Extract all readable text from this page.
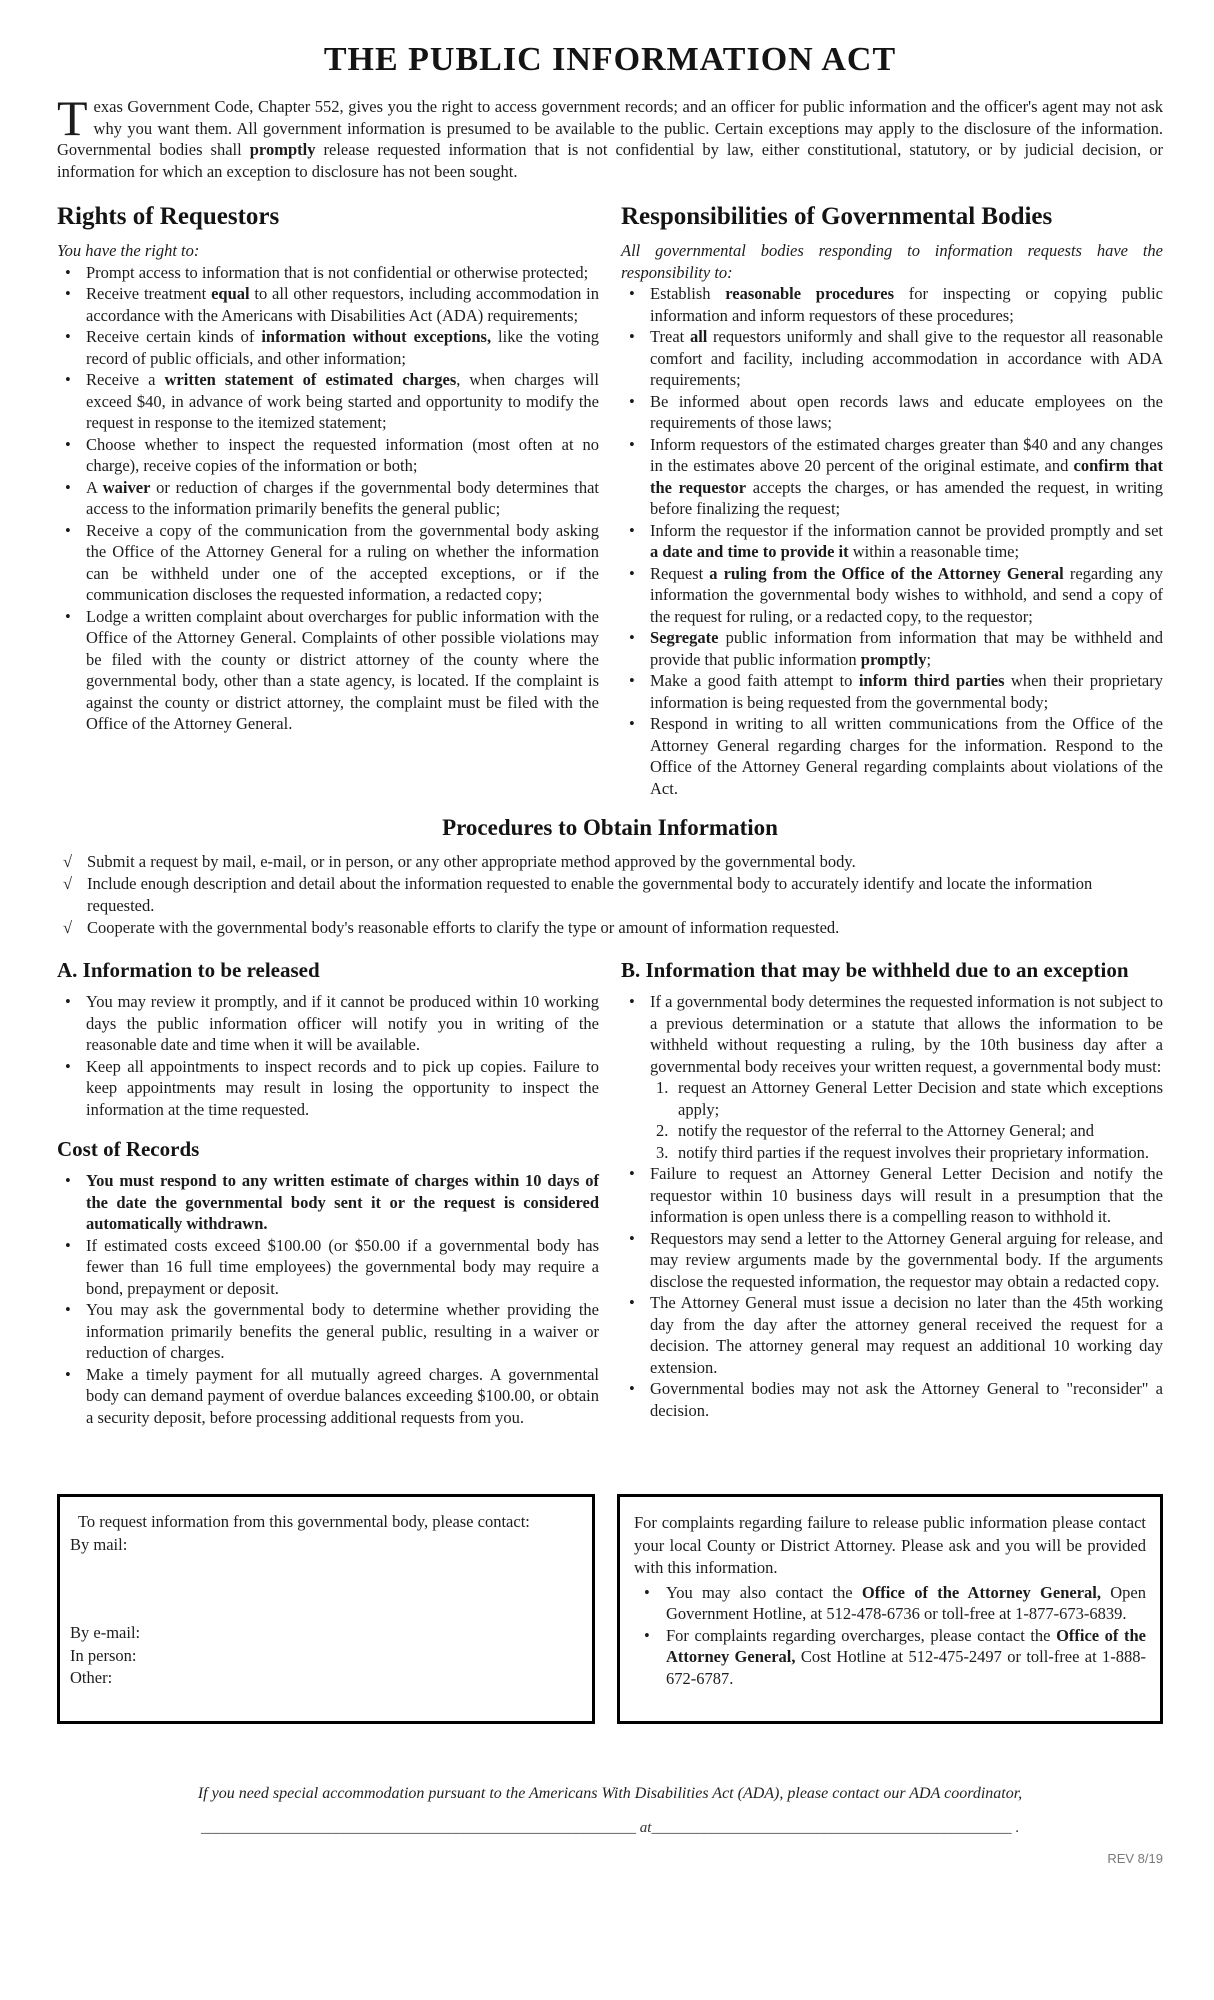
THE PUBLIC INFORMATION ACT

Texas Government Code, Chapter 552, gives you the right to access government records; and an officer for public information and the officer's agent may not ask why you want them. All government information is presumed to be available to the public. Certain exceptions may apply to the disclosure of the information. Governmental bodies shall promptly release requested information that is not confidential by law, either constitutional, statutory, or by judicial decision, or information for which an exception to disclosure has not been sought.

Rights of Requestors

You have the right to:

• Prompt access to information that is not confidential or otherwise protected;
• Receive treatment equal to all other requestors, including accommodation in accordance with the Americans with Disabilities Act (ADA) requirements;
• Receive certain kinds of information without exceptions, like the voting record of public officials, and other information;
• Receive a written statement of estimated charges, when charges will exceed $40, in advance of work being started and opportunity to modify the request in response to the itemized statement;
• Choose whether to inspect the requested information (most often at no charge), receive copies of the information or both;
• A waiver or reduction of charges if the governmental body determines that access to the information primarily benefits the general public;
• Receive a copy of the communication from the governmental body asking the Office of the Attorney General for a ruling on whether the information can be withheld under one of the accepted exceptions, or if the communication discloses the requested information, a redacted copy;
• Lodge a written complaint about overcharges for public information with the Office of the Attorney General. Complaints of other possible violations may be filed with the county or district attorney of the county where the governmental body, other than a state agency, is located. If the complaint is against the county or district attorney, the complaint must be filed with the Office of the Attorney General.
Responsibilities of Governmental Bodies

All governmental bodies responding to information requests have the responsibility to:

• Establish reasonable procedures for inspecting or copying public information and inform requestors of these procedures;
• Treat all requestors uniformly and shall give to the requestor all reasonable comfort and facility, including accommodation in accordance with ADA requirements;
• Be informed about open records laws and educate employees on the requirements of those laws;
• Inform requestors of the estimated charges greater than $40 and any changes in the estimates above 20 percent of the original estimate, and confirm that the requestor accepts the charges, or has amended the request, in writing before finalizing the request;
• Inform the requestor if the information cannot be provided promptly and set a date and time to provide it within a reasonable time;
• Request a ruling from the Office of the Attorney General regarding any information the governmental body wishes to withhold, and send a copy of the request for ruling, or a redacted copy, to the requestor;
• Segregate public information from information that may be withheld and provide that public information promptly;
• Make a good faith attempt to inform third parties when their proprietary information is being requested from the governmental body;
• Respond in writing to all written communications from the Office of the Attorney General regarding charges for the information. Respond to the Office of the Attorney General regarding complaints about violations of the Act.
Procedures to Obtain Information
√ Submit a request by mail, e-mail, or in person, or any other appropriate method approved by the governmental body.
√ Include enough description and detail about the information requested to enable the governmental body to accurately identify and locate the information requested.
√ Cooperate with the governmental body's reasonable efforts to clarify the type or amount of information requested.
A. Information to be released
• You may review it promptly, and if it cannot be produced within 10 working days the public information officer will notify you in writing of the reasonable date and time when it will be available.
• Keep all appointments to inspect records and to pick up copies. Failure to keep appointments may result in losing the opportunity to inspect the information at the time requested.
Cost of Records
• You must respond to any written estimate of charges within 10 days of the date the governmental body sent it or the request is considered automatically withdrawn.
• If estimated costs exceed $100.00 (or $50.00 if a governmental body has fewer than 16 full time employees) the governmental body may require a bond, prepayment or deposit.
• You may ask the governmental body to determine whether providing the information primarily benefits the general public, resulting in a waiver or reduction of charges.
• Make a timely payment for all mutually agreed charges. A governmental body can demand payment of overdue balances exceeding $100.00, or obtain a security deposit, before processing additional requests from you.
B. Information that may be withheld due to an exception
• If a governmental body determines the requested information is not subject to a previous determination or a statute that allows the information to be withheld without requesting a ruling, by the 10th business day after a governmental body receives your written request, a governmental body must:
1. request an Attorney General Letter Decision and state which exceptions apply;
2. notify the requestor of the referral to the Attorney General; and
3. notify third parties if the request involves their proprietary information.
• Failure to request an Attorney General Letter Decision and notify the requestor within 10 business days will result in a presumption that the information is open unless there is a compelling reason to withhold it.
• Requestors may send a letter to the Attorney General arguing for release, and may review arguments made by the governmental body. If the arguments disclose the requested information, the requestor may obtain a redacted copy.
• The Attorney General must issue a decision no later than the 45th working day from the day after the attorney general received the request for a decision. The attorney general may request an additional 10 working day extension.
• Governmental bodies may not ask the Attorney General to "reconsider" a decision.

To request information from this governmental body, please contact:

By mail:

By e-mail:

In person:

Other:

For complaints regarding failure to release public information please contact your local County or District Attorney. Please ask and you will be provided with this information.

• You may also contact the Office of the Attorney General, Open Government Hotline, at 512-478-6736 or toll-free at 1-877-673-6839.
• For complaints regarding overcharges, please contact the Office of the Attorney General, Cost Hotline at 512-475-2497 or toll-free at 1-888-672-6787.

If you need special accommodation pursuant to the Americans With Disabilities Act (ADA), please contact our ADA coordinator,

__________________________________________________________ at________________________________________________ .

REV 8/19
